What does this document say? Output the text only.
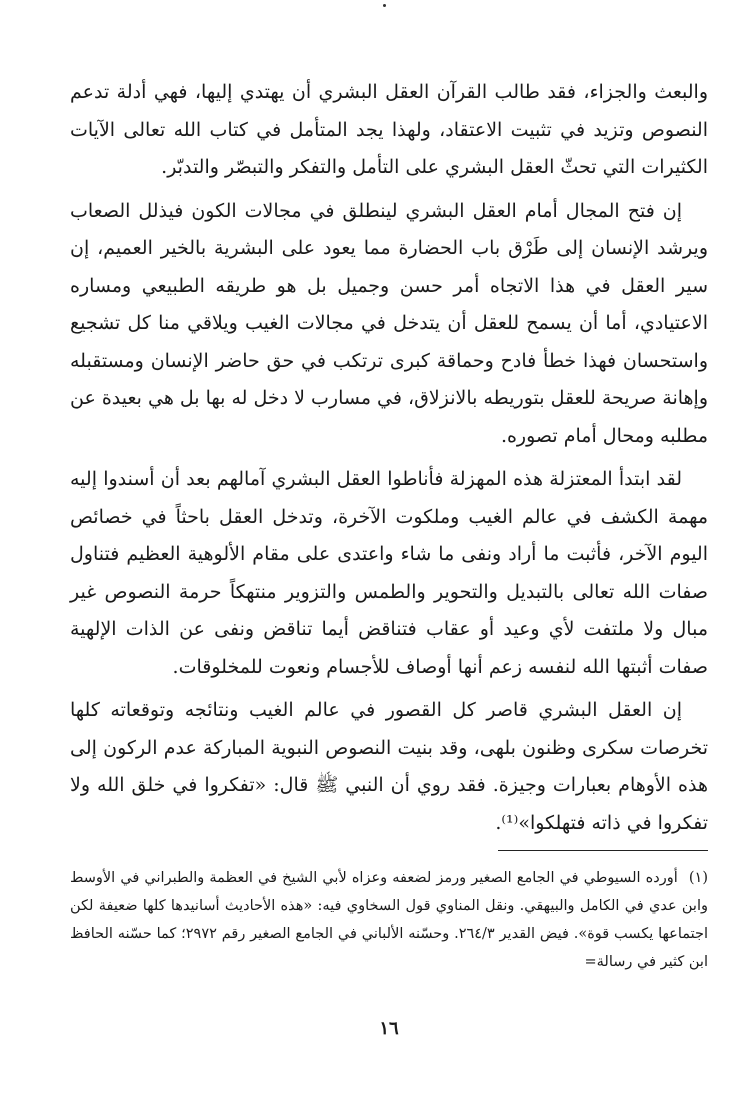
والبعث والجزاء، فقد طالب القرآن العقل البشري أن يهتدي إليها، فهي أدلة تدعم النصوص وتزيد في تثبيت الاعتقاد، ولهذا يجد المتأمل في كتاب الله تعالى الآيات الكثيرات التي تحثّ العقل البشري على التأمل والتفكر والتبصّر والتدبّر.

إن فتح المجال أمام العقل البشري لينطلق في مجالات الكون فيذلل الصعاب ويرشد الإنسان إلى طَرْق باب الحضارة مما يعود على البشرية بالخير العميم، إن سير العقل في هذا الاتجاه أمر حسن وجميل بل هو طريقه الطبيعي ومساره الاعتيادي، أما أن يسمح للعقل أن يتدخل في مجالات الغيب ويلاقي منا كل تشجيع واستحسان فهذا خطأ فادح وحماقة كبرى ترتكب في حق حاضر الإنسان ومستقبله وإهانة صريحة للعقل بتوريطه بالانزلاق، في مسارب لا دخل له بها بل هي بعيدة عن مطلبه ومحال أمام تصوره.

لقد ابتدأ المعتزلة هذه المهزلة فأناطوا العقل البشري آمالهم بعد أن أسندوا إليه مهمة الكشف في عالم الغيب وملكوت الآخرة، وتدخل العقل باحثاً في خصائص اليوم الآخر، فأثبت ما أراد ونفى ما شاء واعتدى على مقام الألوهية العظيم فتناول صفات الله تعالى بالتبديل والتحوير والطمس والتزوير منتهكاً حرمة النصوص غير مبال ولا ملتفت لأي وعيد أو عقاب فتناقض أيما تناقض ونفى عن الذات الإلهية صفات أثبتها الله لنفسه زعم أنها أوصاف للأجسام ونعوت للمخلوقات.

إن العقل البشري قاصر كل القصور في عالم الغيب ونتائجه وتوقعاته كلها تخرصات سكرى وظنون بلهى، وقد بنيت النصوص النبوية المباركة عدم الركون إلى هذه الأوهام بعبارات وجيزة. فقد روي أن النبي ﷺ قال: «تفكروا في خلق الله ولا تفكروا في ذاته فتهلكوا»⁽¹⁾.

(١) أورده السيوطي في الجامع الصغير ورمز لضعفه وعزاه لأبي الشيخ في العظمة والطبراني في الأوسط وابن عدي في الكامل والبيهقي. ونقل المناوي قول السخاوي فيه: «هذه الأحاديث أسانيدها كلها ضعيفة لكن اجتماعها يكسب قوة». فيض القدير ٢٦٤/٣. وحسّنه الألباني في الجامع الصغير رقم ٢٩٧٢؛ كما حسّنه الحافظ ابن كثير في رسالة=
١٦
